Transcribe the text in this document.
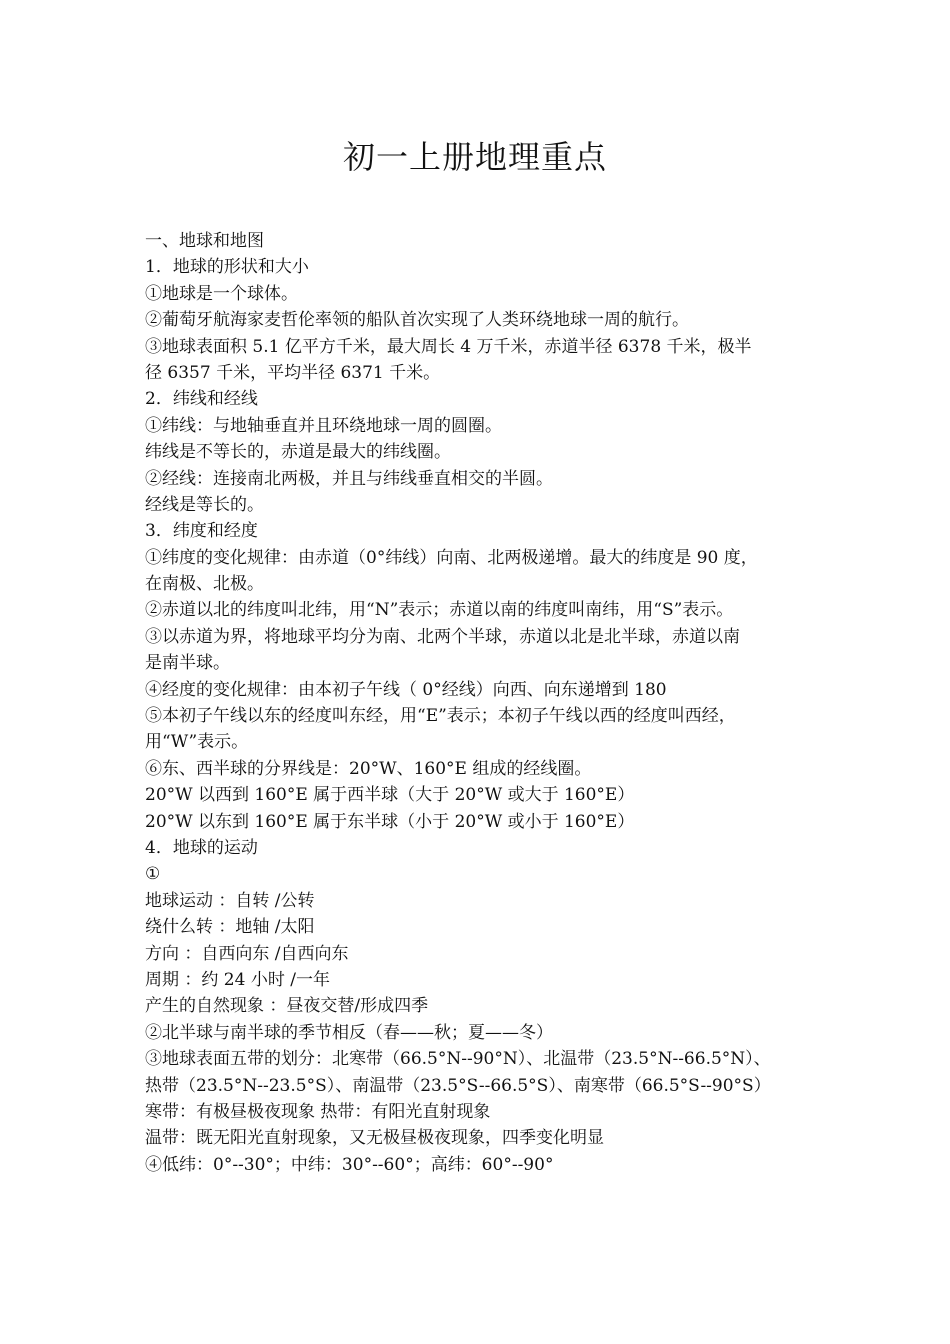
初一上册地理重点
一、地球和地图
1．地球的形状和大小
①地球是一个球体。
②葡萄牙航海家麦哲伦率领的船队首次实现了人类环绕地球一周的航行。
③地球表面积 5.1 亿平方千米，最大周长 4 万千米，赤道半径 6378 千米，极半
径 6357 千米，平均半径 6371 千米。
2．纬线和经线
①纬线：与地轴垂直并且环绕地球一周的圆圈。
纬线是不等长的，赤道是最大的纬线圈。
②经线：连接南北两极，并且与纬线垂直相交的半圆。
经线是等长的。
3．纬度和经度
①纬度的变化规律：由赤道（0°纬线）向南、北两极递增。最大的纬度是 90 度，
在南极、北极。
②赤道以北的纬度叫北纬，用“N”表示；赤道以南的纬度叫南纬，用“S”表示。
③以赤道为界，将地球平均分为南、北两个半球，赤道以北是北半球，赤道以南
是南半球。
④经度的变化规律：由本初子午线（ 0°经线）向西、向东递增到 180
⑤本初子午线以东的经度叫东经，用“E”表示；本初子午线以西的经度叫西经，
用“W”表示。
⑥东、西半球的分界线是：20°W、160°E 组成的经线圈。
20°W 以西到 160°E 属于西半球（大于 20°W 或大于 160°E）
20°W 以东到 160°E 属于东半球（小于 20°W 或小于 160°E）
4．地球的运动
①
地球运动 ：自转 /公转
绕什么转 ：地轴 /太阳
方向 ：自西向东 /自西向东
周期 ：约 24 小时 /一年
产生的自然现象 ：昼夜交替/形成四季
②北半球与南半球的季节相反（春——秋；夏——冬）
③地球表面五带的划分：北寒带（66.5°N--90°N）、北温带（23.5°N--66.5°N）、
热带（23.5°N--23.5°S）、南温带（23.5°S--66.5°S）、南寒带（66.5°S--90°S）
寒带：有极昼极夜现象 热带：有阳光直射现象
温带：既无阳光直射现象，又无极昼极夜现象，四季变化明显
④低纬：0°--30°；中纬：30°--60°；高纬：60°--90°
